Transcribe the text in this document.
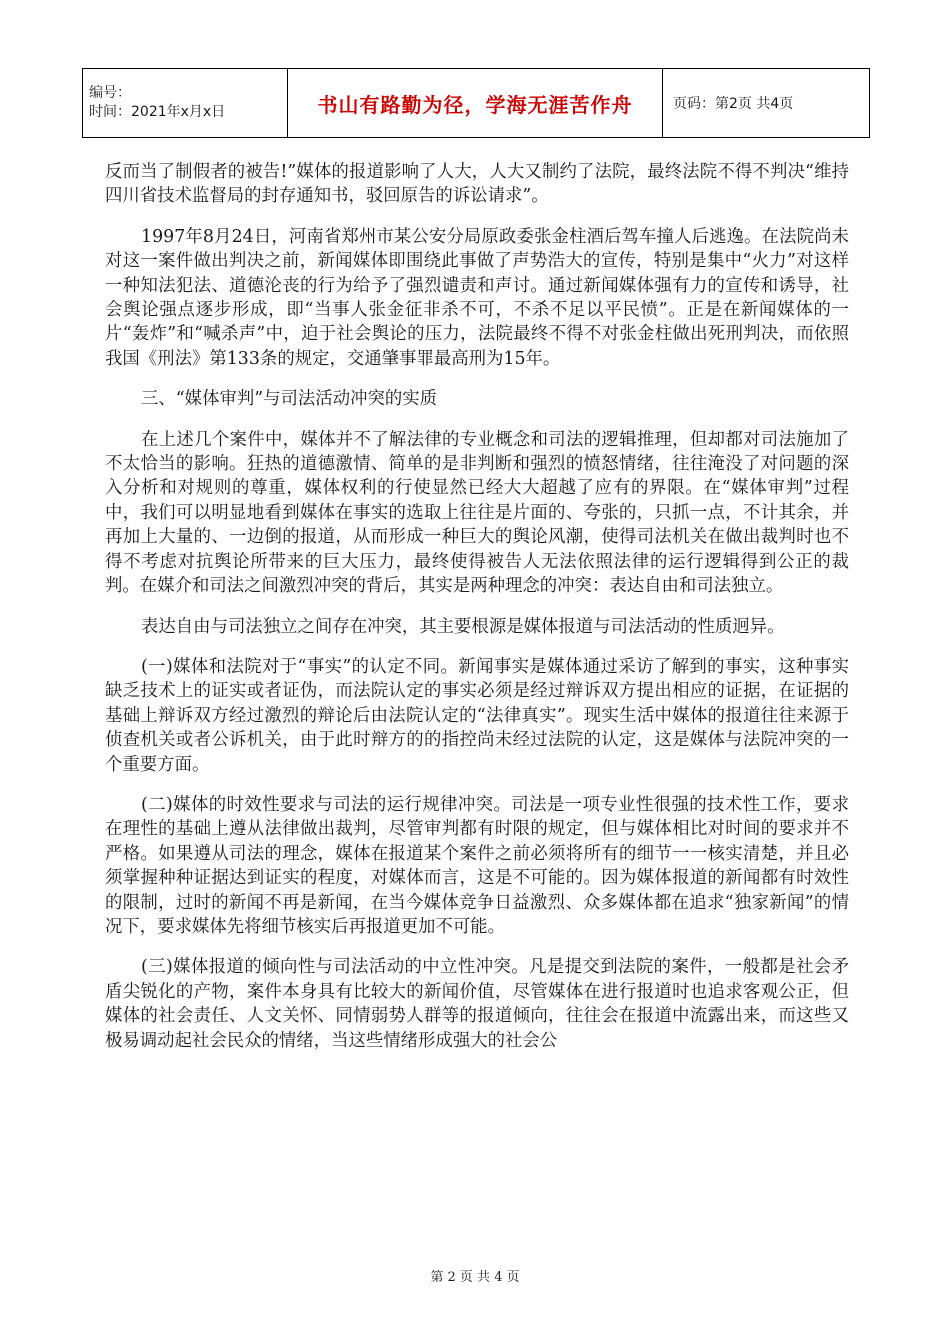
编号：
时间：2021年x月x日	书山有路勤为径，学海无涯苦作舟	页码：第2页 共4页

反而当了制假者的被告!”媒体的报道影响了人大，人大又制约了法院，最终法院不得不判决“维持四川省技术监督局的封存通知书，驳回原告的诉讼请求”。

1997年8月24日，河南省郑州市某公安分局原政委张金柱酒后驾车撞人后逃逸。在法院尚未对这一案件做出判决之前，新闻媒体即围绕此事做了声势浩大的宣传，特别是集中“火力”对这样一种知法犯法、道德沦丧的行为给予了强烈谴责和声讨。通过新闻媒体强有力的宣传和诱导，社会舆论强点逐步形成，即“当事人张金征非杀不可，不杀不足以平民愤”。正是在新闻媒体的一片“轰炸”和“喊杀声”中，迫于社会舆论的压力，法院最终不得不对张金柱做出死刑判决，而依照我国《刑法》第133条的规定，交通肇事罪最高刑为15年。

三、“媒体审判”与司法活动冲突的实质

在上述几个案件中，媒体并不了解法律的专业概念和司法的逻辑推理，但却都对司法施加了不太恰当的影响。狂热的道德激情、简单的是非判断和强烈的愤怒情绪，往往淹没了对问题的深入分析和对规则的尊重，媒体权利的行使显然已经大大超越了应有的界限。在“媒体审判”过程中，我们可以明显地看到媒体在事实的选取上往往是片面的、夸张的，只抓一点，不计其余，并再加上大量的、一边倒的报道，从而形成一种巨大的舆论风潮，使得司法机关在做出裁判时也不得不考虑对抗舆论所带来的巨大压力，最终使得被告人无法依照法律的运行逻辑得到公正的裁判。在媒介和司法之间激烈冲突的背后，其实是两种理念的冲突：表达自由和司法独立。

表达自由与司法独立之间存在冲突，其主要根源是媒体报道与司法活动的性质迥异。

(一)媒体和法院对于“事实”的认定不同。新闻事实是媒体通过采访了解到的事实，这种事实缺乏技术上的证实或者证伪，而法院认定的事实必须是经过辩诉双方提出相应的证据，在证据的基础上辩诉双方经过激烈的辩论后由法院认定的“法律真实”。现实生活中媒体的报道往往来源于侦查机关或者公诉机关，由于此时辩方的的指控尚未经过法院的认定，这是媒体与法院冲突的一个重要方面。

(二)媒体的时效性要求与司法的运行规律冲突。司法是一项专业性很强的技术性工作，要求在理性的基础上遵从法律做出裁判，尽管审判都有时限的规定，但与媒体相比对时间的要求并不严格。如果遵从司法的理念，媒体在报道某个案件之前必须将所有的细节一一核实清楚，并且必须掌握种种证据达到证实的程度，对媒体而言，这是不可能的。因为媒体报道的新闻都有时效性的限制，过时的新闻不再是新闻，在当今媒体竞争日益激烈、众多媒体都在追求“独家新闻”的情况下，要求媒体先将细节核实后再报道更加不可能。

(三)媒体报道的倾向性与司法活动的中立性冲突。凡是提交到法院的案件，一般都是社会矛盾尖锐化的产物，案件本身具有比较大的新闻价值，尽管媒体在进行报道时也追求客观公正，但媒体的社会责任、人文关怀、同情弱势人群等的报道倾向，往往会在报道中流露出来，而这些又极易调动起社会民众的情绪，当这些情绪形成强大的社会公

第 2 页 共 4 页
